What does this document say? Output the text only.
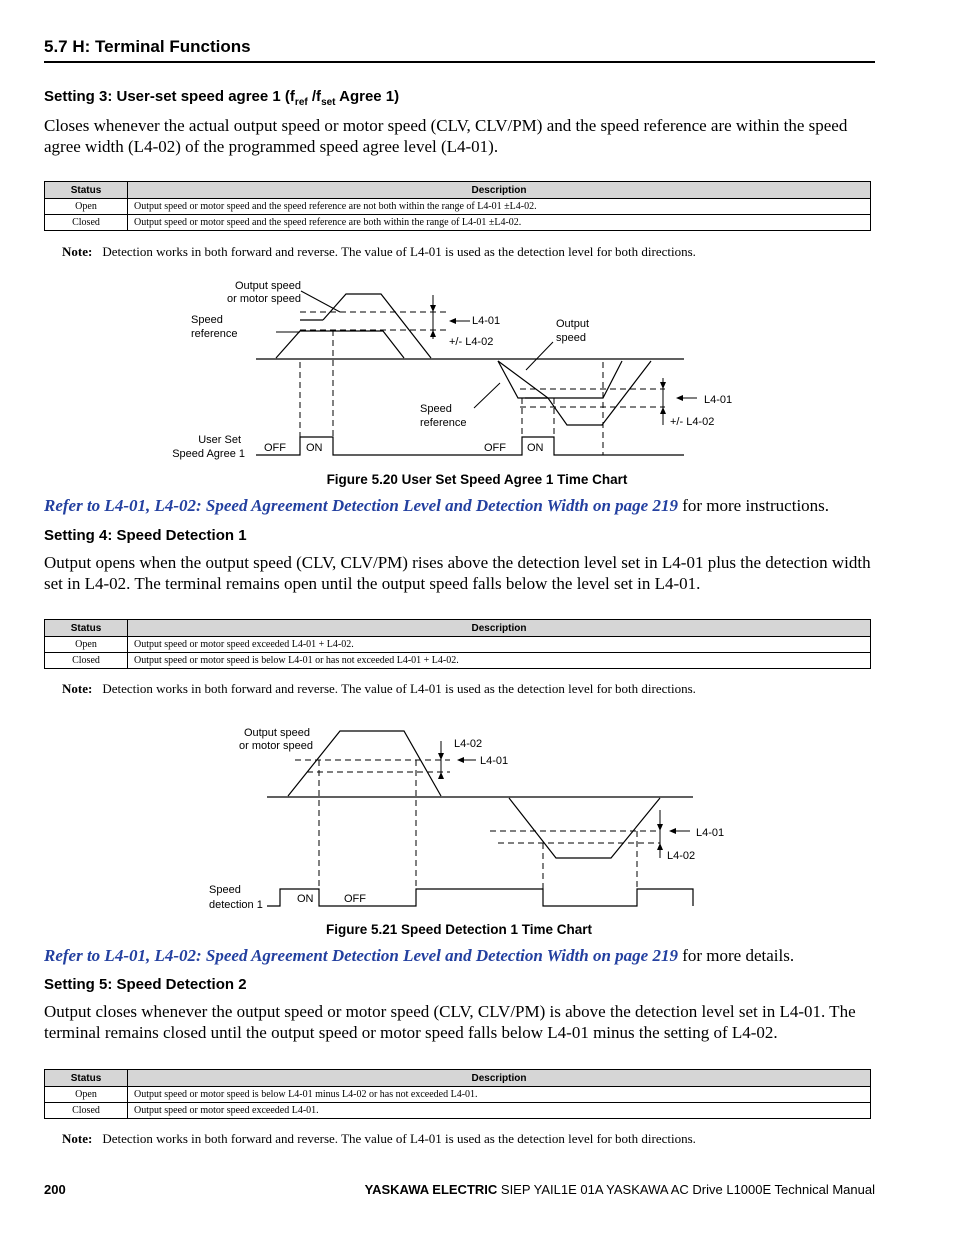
5.7 H: Terminal Functions
Setting 3: User-set speed agree 1 ($f_{ref}$ $/f_{set}$ Agree 1)
Closes whenever the actual output speed or motor speed (CLV, CLV/PM) and the speed reference are within the speed agree width (L4-02) of the programmed speed agree level (L4-01).
Status	Description
Open	Output speed or motor speed and the speed reference are not both within the range of L4-01 ±L4-02.
Closed	Output speed or motor speed and the speed reference are both within the range of L4-01 ±L4-02.
Note: Detection works in both forward and reverse. The value of L4-01 is used as the detection level for both directions.
Output speed
or motor speed
Speed
reference
L4-01
+/- L4-02
Output
speed
Speed
reference
L4-01
+/- L4-02
User Set
Speed Agree 1 OFF ON	OFF ON
Output speed
or motor speed	L4-02
L4-01
L4-01
L4-02
Speed
detection 1	ON	OFF
Figure 5.20 User Set Speed Agree 1 Time Chart
Refer to L4-01, L4-02: Speed Agreement Detection Level and Detection Width on page 219 for more instructions.
Setting 4: Speed Detection 1
Output opens when the output speed (CLV, CLV/PM) rises above the detection level set in L4-01 plus the detection width set in L4-02. The terminal remains open until the output speed falls below the level set in L4-01.
Status	Description
Open	Output speed or motor speed exceeded L4-01 + L4-02.
Closed	Output speed or motor speed is below L4-01 or has not exceeded L4-01 + L4-02.
Note: Detection works in both forward and reverse. The value of L4-01 is used as the detection level for both directions.
Figure 5.21 Speed Detection 1 Time Chart
Refer to L4-01, L4-02: Speed Agreement Detection Level and Detection Width on page 219 for more details.
Setting 5: Speed Detection 2
Output closes whenever the output speed or motor speed (CLV, CLV/PM) is above the detection level set in L4-01. The terminal remains closed until the output speed or motor speed falls below L4-01 minus the setting of L4-02.
Status	Description
Open	Output speed or motor speed is below L4-01 minus L4-02 or has not exceeded L4-01.
Closed	Output speed or motor speed exceeded L4-01.
Note: Detection works in both forward and reverse. The value of L4-01 is used as the detection level for both directions.
200	YASKAWA ELECTRIC SIEP YAIL1E 01A YASKAWA AC Drive L1000E Technical Manual
